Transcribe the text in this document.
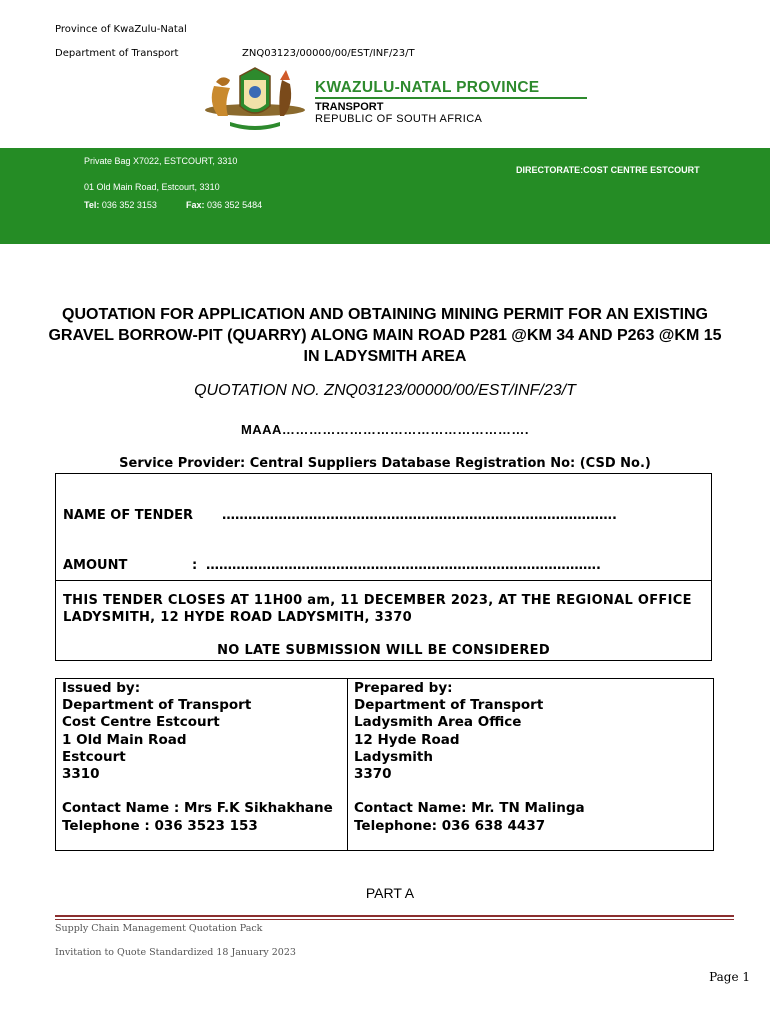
Province of KwaZulu-Natal
Department of Transport	ZNQ03123/00000/00/EST/INF/23/T
KWAZULU-NATAL PROVINCE
TRANSPORT
REPUBLIC OF SOUTH AFRICA
Private Bag X7022, ESTCOURT, 3310
01 Old Main Road, Estcourt, 3310
Tel: 036 352 3153	Fax: 036 352 5484
DIRECTORATE:COST CENTRE ESTCOURT
QUOTATION FOR APPLICATION AND OBTAINING MINING PERMIT FOR AN EXISTING GRAVEL BORROW-PIT (QUARRY) ALONG MAIN ROAD P281 @KM 34 AND P263 @KM 15 IN LADYSMITH AREA
QUOTATION NO. ZNQ03123/00000/00/EST/INF/23/T
MAAA……………………………………………….
Service Provider: Central Suppliers Database Registration No: (CSD No.)
NAME OF TENDER ……………………………………………………………………………….
AMOUNT	: ……………………………………………………………………………….
THIS TENDER CLOSES AT 11H00 am, 11 DECEMBER 2023, AT THE REGIONAL OFFICE LADYSMITH, 12 HYDE ROAD LADYSMITH, 3370
NO LATE SUBMISSION WILL BE CONSIDERED
Issued by:
Department of Transport
Cost Centre Estcourt
1 Old Main Road
Estcourt
3310

Contact Name : Mrs F.K Sikhakhane
Telephone : 036 3523 153
Prepared by:
Department of Transport
Ladysmith Area Office
12 Hyde Road
Ladysmith
3370

Contact Name: Mr. TN Malinga
Telephone: 036 638 4437
PART A
Supply Chain Management Quotation Pack
Invitation to Quote Standardized 18 January 2023
Page 1
